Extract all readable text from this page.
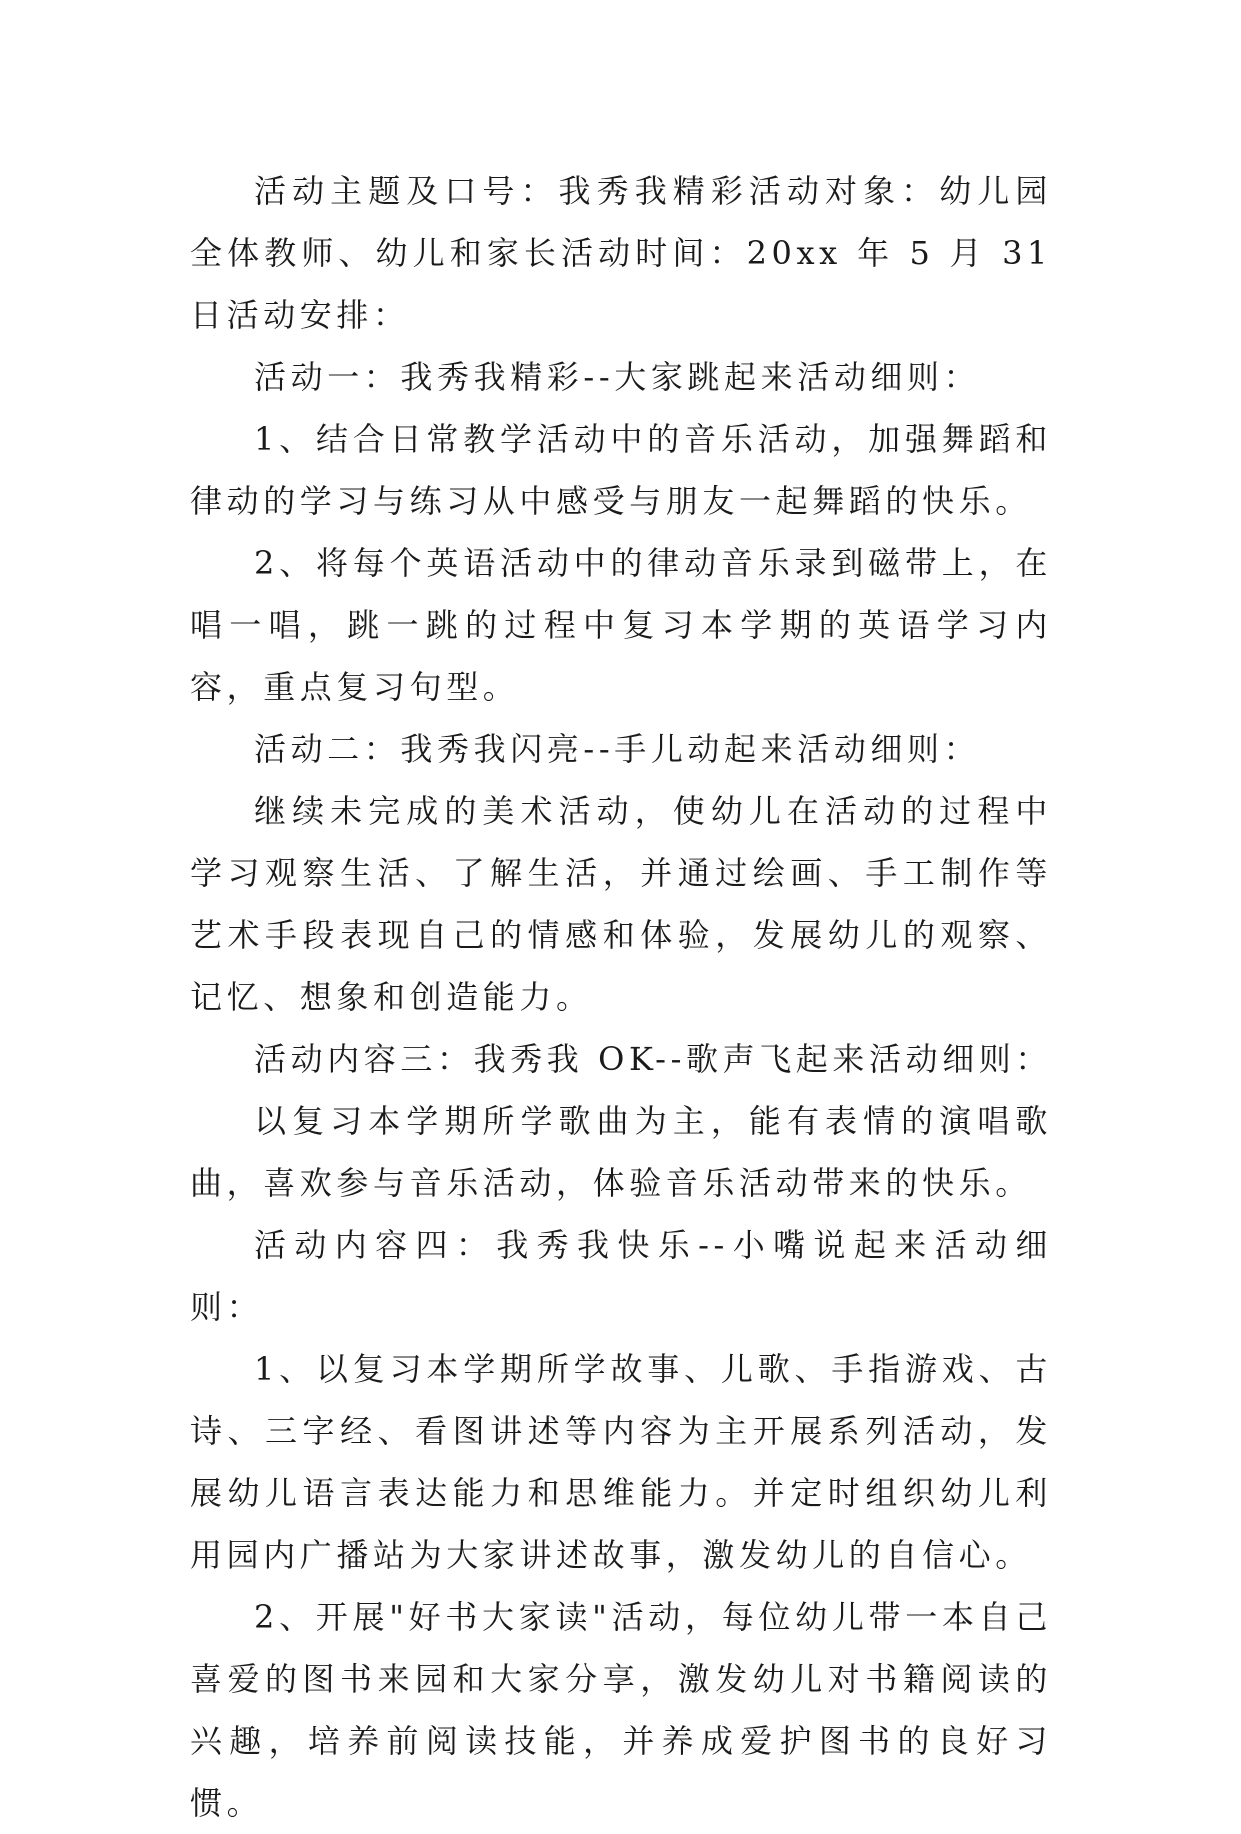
活动主题及口号：我秀我精彩活动对象：幼儿园全体教师、幼儿和家长活动时间：20xx 年 5 月 31 日活动安排：

活动一：我秀我精彩--大家跳起来活动细则：

1、结合日常教学活动中的音乐活动，加强舞蹈和律动的学习与练习从中感受与朋友一起舞蹈的快乐。

2、将每个英语活动中的律动音乐录到磁带上，在唱一唱，跳一跳的过程中复习本学期的英语学习内容，重点复习句型。

活动二：我秀我闪亮--手儿动起来活动细则：

继续未完成的美术活动，使幼儿在活动的过程中学习观察生活、了解生活，并通过绘画、手工制作等艺术手段表现自己的情感和体验，发展幼儿的观察、记忆、想象和创造能力。

活动内容三：我秀我 OK--歌声飞起来活动细则：

以复习本学期所学歌曲为主，能有表情的演唱歌曲，喜欢参与音乐活动，体验音乐活动带来的快乐。

活动内容四：我秀我快乐--小嘴说起来活动细则：

1、以复习本学期所学故事、儿歌、手指游戏、古诗、三字经、看图讲述等内容为主开展系列活动，发展幼儿语言表达能力和思维能力。并定时组织幼儿利用园内广播站为大家讲述故事，激发幼儿的自信心。

2、开展"好书大家读"活动，每位幼儿带一本自己喜爱的图书来园和大家分享，激发幼儿对书籍阅读的兴趣，培养前阅读技能，并养成爱护图书的良好习惯。
